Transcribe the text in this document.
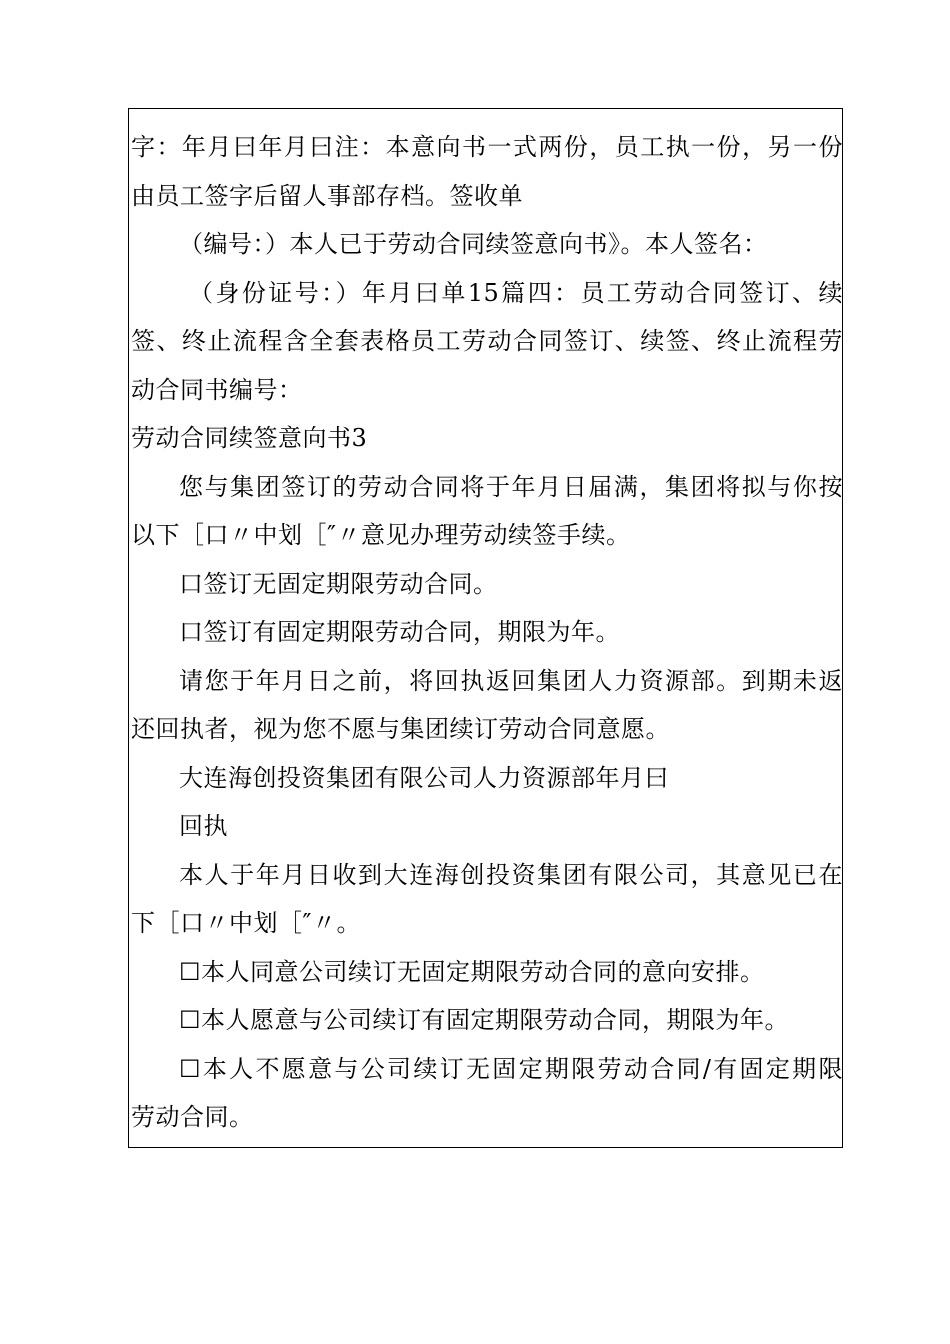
字：年月曰年月曰注：本意向书一式两份，员工执一份，另一份
由员工签字后留人事部存档。签收单
（编号：）本人已于劳动合同续签意向书》。本人签名：
（身份证号：）年月曰单15篇四：员工劳动合同签订、续
签、终止流程含全套表格员工劳动合同签订、续签、终止流程劳
动合同书编号：
劳动合同续签意向书3
您与集团签订的劳动合同将于年月日届满，集团将拟与你按
以下［口〃中划［″〃意见办理劳动续签手续。
口签订无固定期限劳动合同。
口签订有固定期限劳动合同，期限为年。
请您于年月日之前，将回执返回集团人力资源部。到期未返
还回执者，视为您不愿与集团续订劳动合同意愿。
大连海创投资集团有限公司人力资源部年月曰
回执
本人于年月日收到大连海创投资集团有限公司，其意见已在
下［口〃中划［″〃。
☐本人同意公司续订无固定期限劳动合同的意向安排。
☐本人愿意与公司续订有固定期限劳动合同，期限为年。
☐本人不愿意与公司续订无固定期限劳动合同/有固定期限
劳动合同。
